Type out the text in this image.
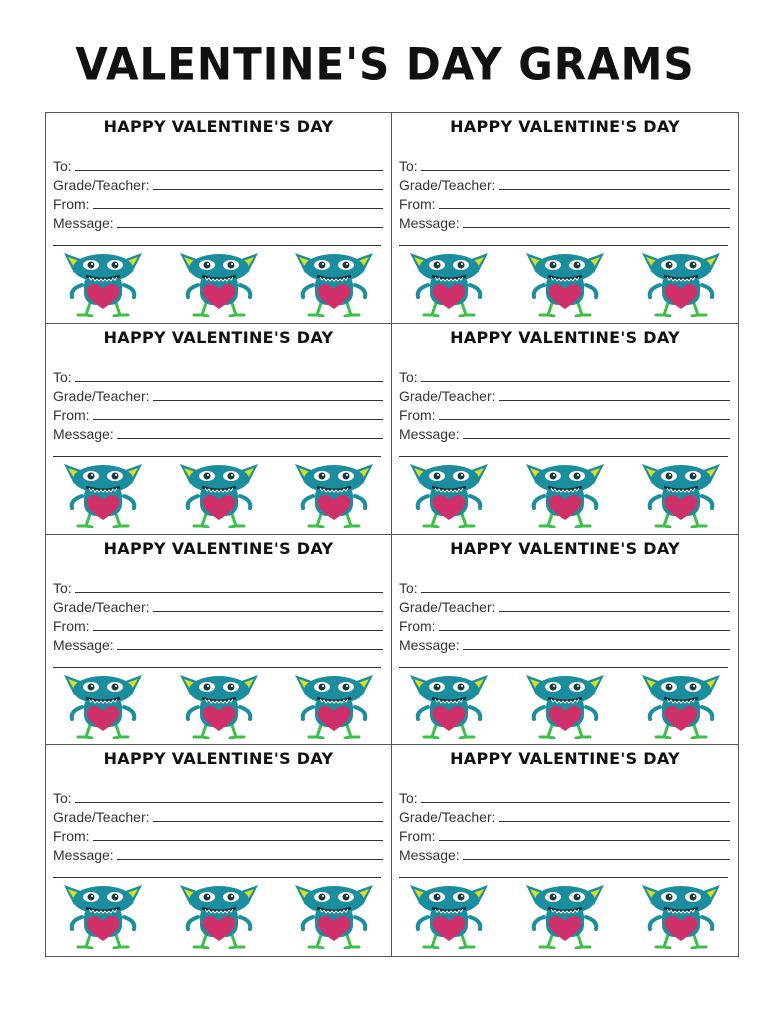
VALENTINE'S DAY GRAMS
HAPPY VALENTINE'S DAY
To:
Grade/Teacher:
From:
Message:
HAPPY VALENTINE'S DAY
To:
Grade/Teacher:
From:
Message:
HAPPY VALENTINE'S DAY
To:
Grade/Teacher:
From:
Message:
HAPPY VALENTINE'S DAY
To:
Grade/Teacher:
From:
Message:
HAPPY VALENTINE'S DAY
To:
Grade/Teacher:
From:
Message:
HAPPY VALENTINE'S DAY
To:
Grade/Teacher:
From:
Message:
HAPPY VALENTINE'S DAY
To:
Grade/Teacher:
From:
Message:
HAPPY VALENTINE'S DAY
To:
Grade/Teacher:
From:
Message:
